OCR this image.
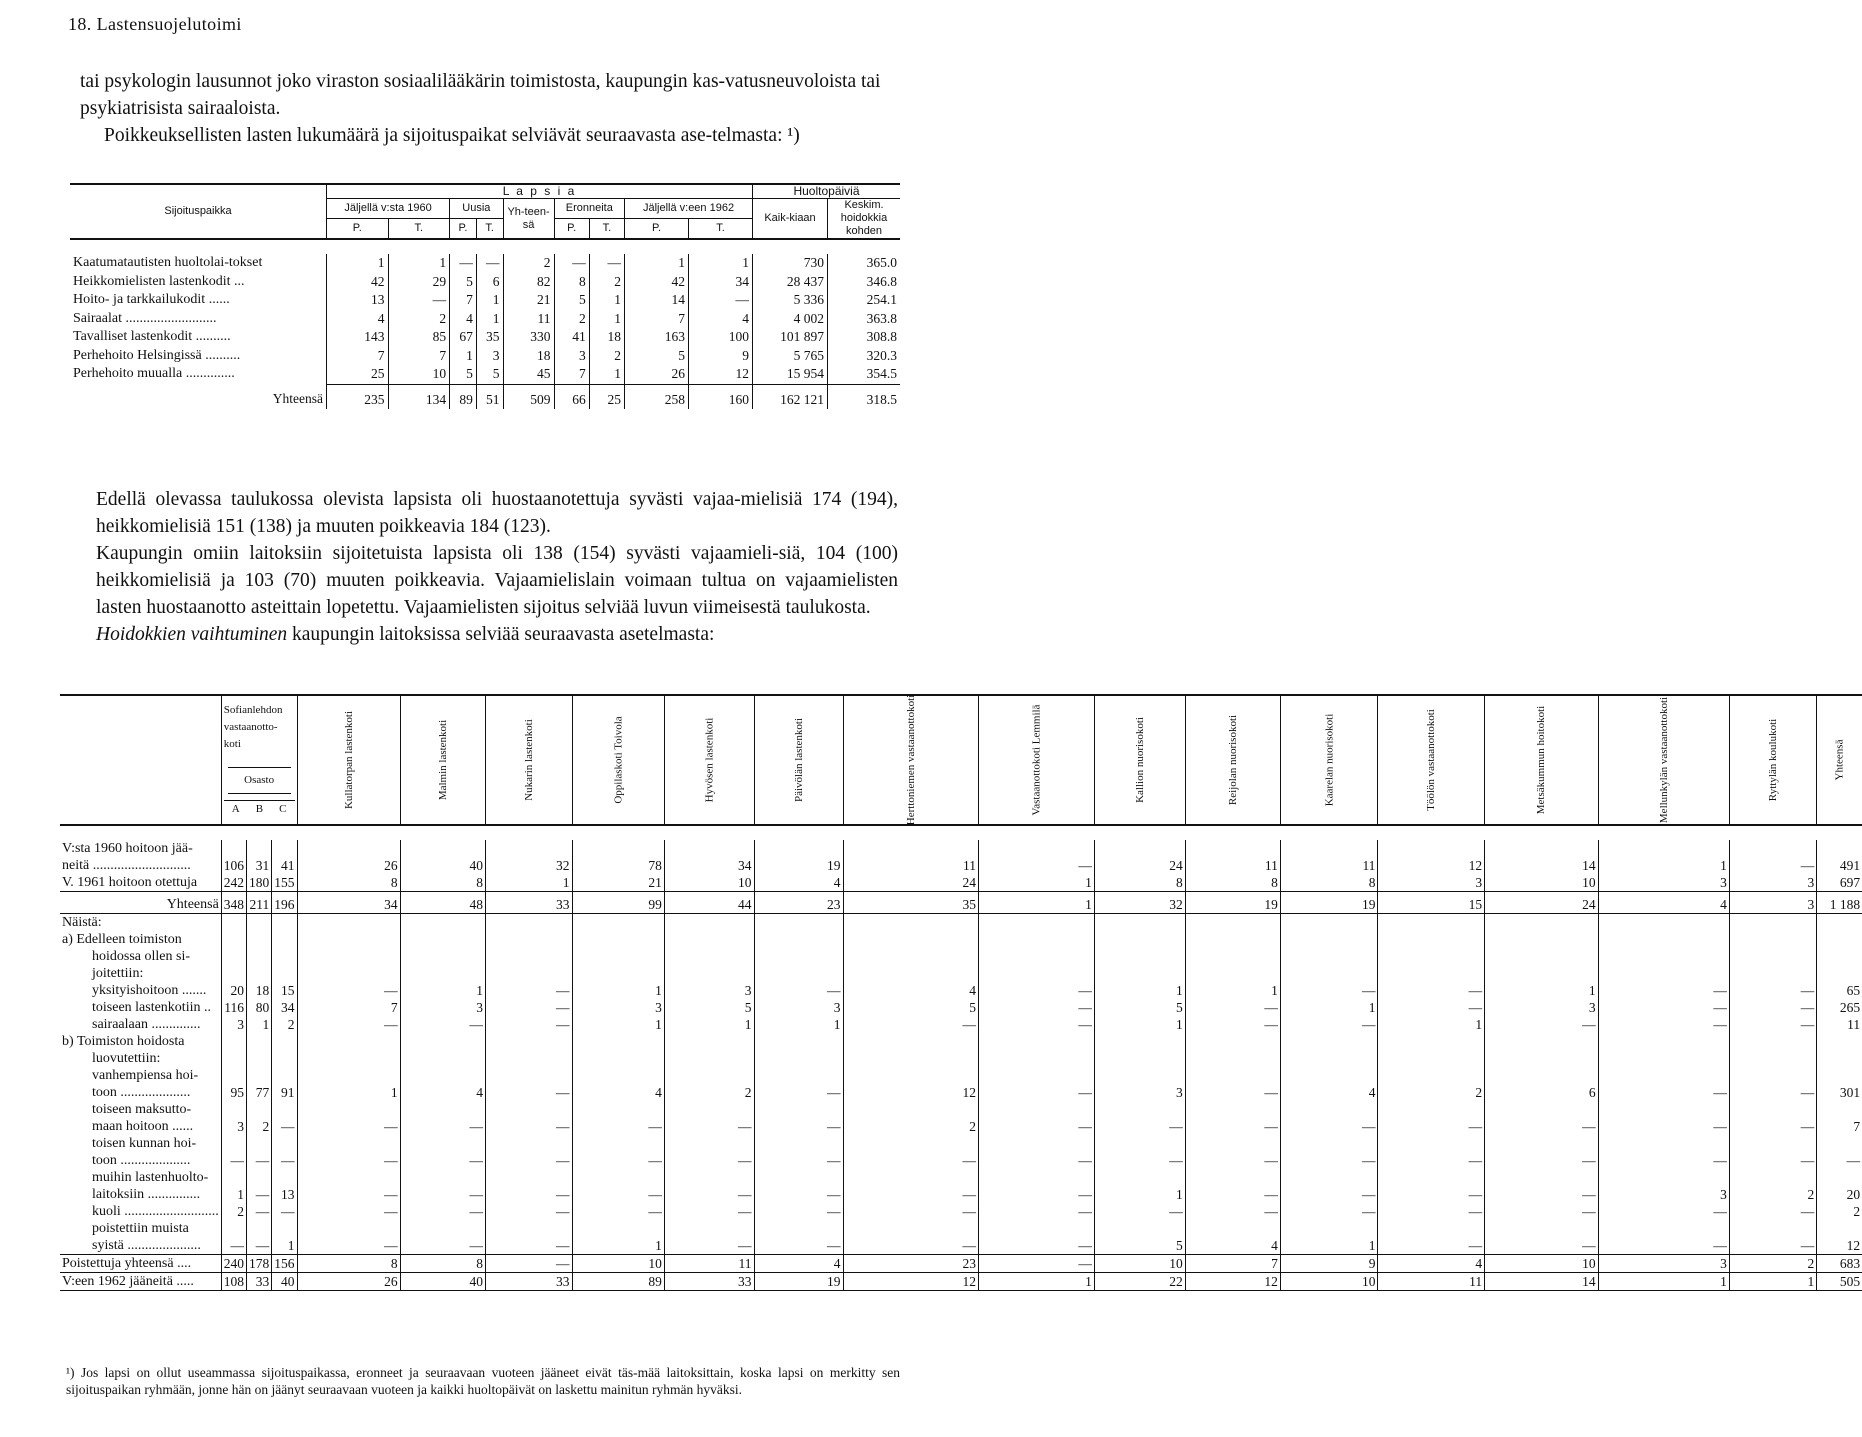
18. Lastensuojelutoimi

tai psykologin lausunnot joko viraston sosiaalilääkärin toimistosta, kaupungin kas-vatusneuvoloista tai psykiatrisista sairaaloista.

Poikkeuksellisten lasten lukumäärä ja sijoituspaikat selviävät seuraavasta ase-telmasta: ¹)

Sijoituspaikka	L a p s i a									Huoltopäiviä	
	Jäljellä v:sta 1960		Uusia		Yh-teen-sä	Eronneita		Jäljellä v:een 1962		Kaik-kiaan	Keskim. hoidokkia kohden
	P.	T.	P.	T.		P.	T.	P.	T.		

Kaatumatautisten huoltolai-tokset	1	1	—	—	2	—	—	1	1	730	365.0
Heikkomielisten lastenkodit ...	42	29	5	6	82	8	2	42	34	28 437	346.8
Hoito- ja tarkkailukodit ......	13	—	7	1	21	5	1	14	—	5 336	254.1
Sairaalat ..........................	4	2	4	1	11	2	1	7	4	4 002	363.8
Tavalliset lastenkodit ..........	143	85	67	35	330	41	18	163	100	101 897	308.8
Perhehoito Helsingissä ..........	7	7	1	3	18	3	2	5	9	5 765	320.3
Perhehoito muualla ..............	25	10	5	5	45	7	1	26	12	15 954	354.5
Yhteensä	235	134	89	51	509	66	25	258	160	162 121	318.5

Edellä olevassa taulukossa olevista lapsista oli huostaanotettuja syvästi vajaa-mielisiä 174 (194), heikkomielisiä 151 (138) ja muuten poikkeavia 184 (123).

Kaupungin omiin laitoksiin sijoitetuista lapsista oli 138 (154) syvästi vajaamieli-siä, 104 (100) heikkomielisiä ja 103 (70) muuten poikkeavia. Vajaamielislain voimaan tultua on vajaamielisten lasten huostaanotto asteittain lopetettu. Vajaamielisten sijoitus selviää luvun viimeisestä taulukosta.

Hoidokkien vaihtuminen kaupungin laitoksissa selviää seuraavasta asetelmasta:

	Sofianlehdon vastaanotto-koti
Osasto
A B C			Kullatorpan lastenkoti	Malmin lastenkoti	Nukarin lastenkoti	Oppilaskoti Toivola	Hyvösen lastenkoti	Päivölän lastenkoti	Herttoniemen vastaanottokoti	Vastaanottokoti Lemmilä	Kallion nuorisokoti	Reijolan nuorisokoti	Kaarelan nuorisokoti	Töölön vastaanottokoti	Metsäkummun hoitokoti	Mellunkylän vastaanottokoti	Ryttylän koulukoti	Yhteensä

V:sta 1960 hoitoon jää-																			
neitä ............................	106	31	41	26	40	32	78	34	19	11	—	24	11	11	12	14	1	—	491
V. 1961 hoitoon otettuja	242	180	155	8	8	1	21	10	4	24	1	8	8	8	3	10	3	3	697
Yhteensä	348	211	196	34	48	33	99	44	23	35	1	32	19	19	15	24	4	3	1 188
Näistä:																			
a) Edelleen toimiston																			
hoidossa ollen si-																			
joitettiin:																			
yksityishoitoon .......	20	18	15	—	1	—	1	3	—	4	—	1	1	—	—	1	—	—	65
toiseen lastenkotiin ..	116	80	34	7	3	—	3	5	3	5	—	5	—	1	—	3	—	—	265
sairaalaan ..............	3	1	2	—	—	—	1	1	1	—	—	1	—	—	1	—	—	—	11
b) Toimiston hoidosta																			
luovutettiin:																			
vanhempiensa hoi-																			
toon ....................	95	77	91	1	4	—	4	2	—	12	—	3	—	4	2	6	—	—	301
toiseen maksutto-																			
maan hoitoon ......	3	2	—	—	—	—	—	—	—	2	—	—	—	—	—	—	—	—	7
toisen kunnan hoi-																			
toon ....................	—	—	—	—	—	—	—	—	—	—	—	—	—	—	—	—	—	—	—
muihin lastenhuolto-																			
laitoksiin ...............	1	—	13	—	—	—	—	—	—	—	—	1	—	—	—	—	3	2	20
kuoli ...........................	2	—	—	—	—	—	—	—	—	—	—	—	—	—	—	—	—	—	2
poistettiin muista																			
syistä .....................	—	—	1	—	—	—	1	—	—	—	—	5	4	1	—	—	—	—	12
Poistettuja yhteensä ....	240	178	156	8	8	—	10	11	4	23	—	10	7	9	4	10	3	2	683
V:een 1962 jääneitä .....	108	33	40	26	40	33	89	33	19	12	1	22	12	10	11	14	1	1	505

¹) Jos lapsi on ollut useammassa sijoituspaikassa, eronneet ja seuraavaan vuoteen jääneet eivät täs-mää laitoksittain, koska lapsi on merkitty sen sijoituspaikan ryhmään, jonne hän on jäänyt seuraavaan vuoteen ja kaikki huoltopäivät on laskettu mainitun ryhmän hyväksi.
